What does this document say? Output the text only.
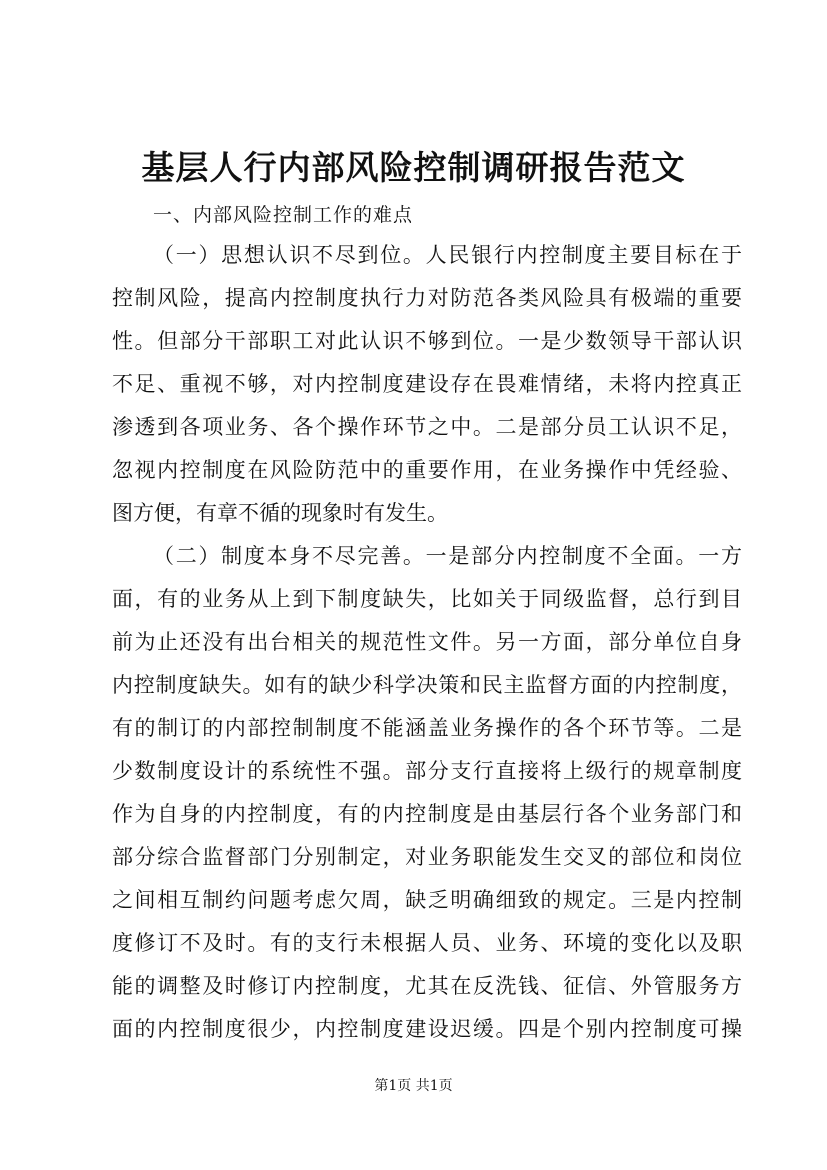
基层人行内部风险控制调研报告范文
一、内部风险控制工作的难点
（一）思想认识不尽到位。人民银行内控制度主要目标在于
控制风险，提高内控制度执行力对防范各类风险具有极端的重要
性。但部分干部职工对此认识不够到位。一是少数领导干部认识
不足、重视不够，对内控制度建设存在畏难情绪，未将内控真正
渗透到各项业务、各个操作环节之中。二是部分员工认识不足，
忽视内控制度在风险防范中的重要作用，在业务操作中凭经验、
图方便，有章不循的现象时有发生。
（二）制度本身不尽完善。一是部分内控制度不全面。一方
面，有的业务从上到下制度缺失，比如关于同级监督，总行到目
前为止还没有出台相关的规范性文件。另一方面，部分单位自身
内控制度缺失。如有的缺少科学决策和民主监督方面的内控制度，
有的制订的内部控制制度不能涵盖业务操作的各个环节等。二是
少数制度设计的系统性不强。部分支行直接将上级行的规章制度
作为自身的内控制度，有的内控制度是由基层行各个业务部门和
部分综合监督部门分别制定，对业务职能发生交叉的部位和岗位
之间相互制约问题考虑欠周，缺乏明确细致的规定。三是内控制
度修订不及时。有的支行未根据人员、业务、环境的变化以及职
能的调整及时修订内控制度，尤其在反洗钱、征信、外管服务方
面的内控制度很少，内控制度建设迟缓。四是个别内控制度可操
第1页 共1页
